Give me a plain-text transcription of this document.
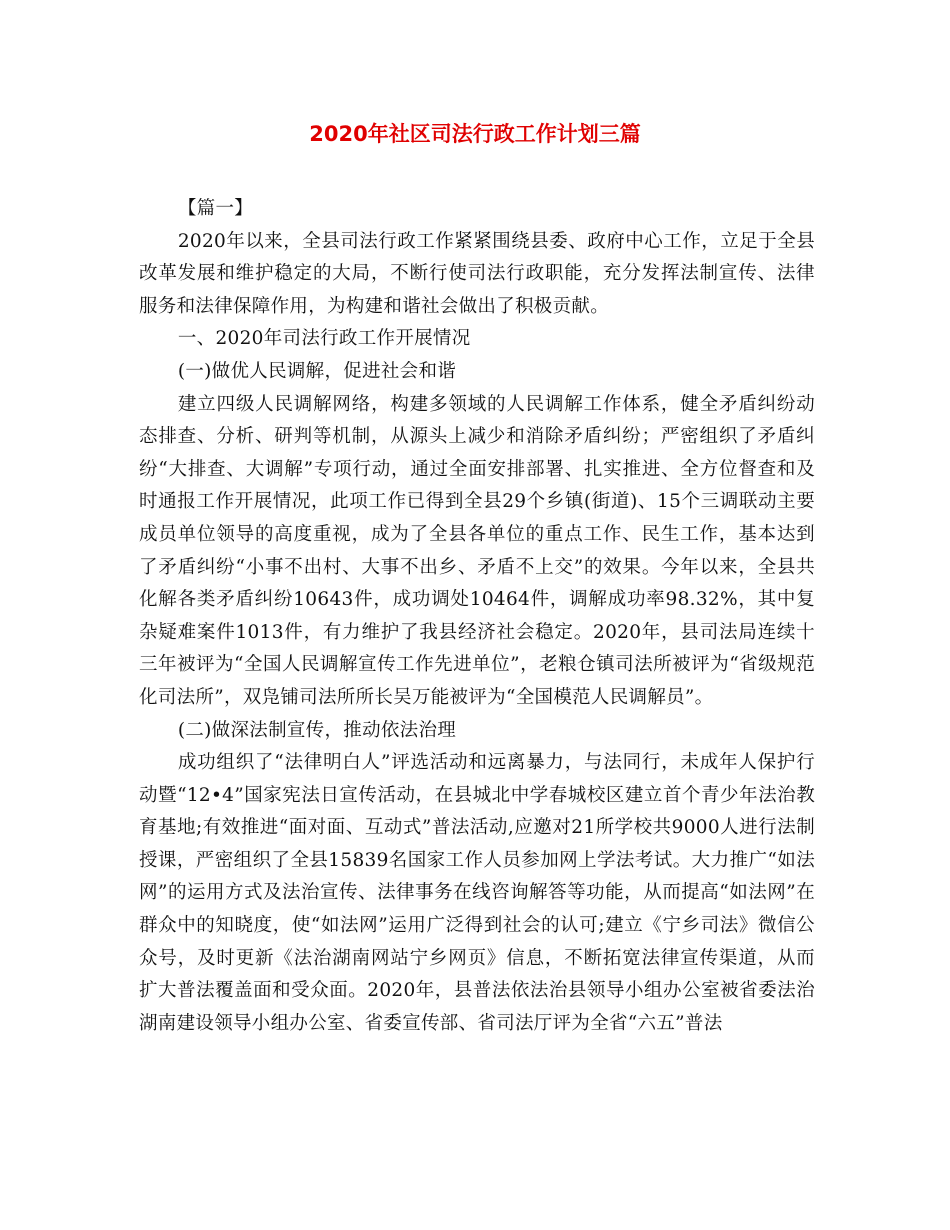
2020年社区司法行政工作计划三篇

【篇一】

2020年以来，全县司法行政工作紧紧围绕县委、政府中心工作，立足于全县改革发展和维护稳定的大局，不断行使司法行政职能，充分发挥法制宣传、法律服务和法律保障作用，为构建和谐社会做出了积极贡献。

一、2020年司法行政工作开展情况

(一)做优人民调解，促进社会和谐

建立四级人民调解网络，构建多领域的人民调解工作体系，健全矛盾纠纷动态排查、分析、研判等机制，从源头上减少和消除矛盾纠纷；严密组织了矛盾纠纷“大排查、大调解”专项行动，通过全面安排部署、扎实推进、全方位督查和及时通报工作开展情况，此项工作已得到全县29个乡镇(街道)、15个三调联动主要成员单位领导的高度重视，成为了全县各单位的重点工作、民生工作，基本达到了矛盾纠纷“小事不出村、大事不出乡、矛盾不上交”的效果。今年以来，全县共化解各类矛盾纠纷10643件，成功调处10464件，调解成功率98.32%，其中复杂疑难案件1013件，有力维护了我县经济社会稳定。2020年，县司法局连续十三年被评为“全国人民调解宣传工作先进单位”，老粮仓镇司法所被评为“省级规范化司法所”，双凫铺司法所所长吴万能被评为“全国模范人民调解员”。

(二)做深法制宣传，推动依法治理

成功组织了“法律明白人”评选活动和远离暴力，与法同行，未成年人保护行动暨“12•4”国家宪法日宣传活动，在县城北中学春城校区建立首个青少年法治教育基地;有效推进“面对面、互动式”普法活动,应邀对21所学校共9000人进行法制授课，严密组织了全县15839名国家工作人员参加网上学法考试。大力推广“如法网”的运用方式及法治宣传、法律事务在线咨询解答等功能，从而提高“如法网”在群众中的知晓度，使“如法网”运用广泛得到社会的认可;建立《宁乡司法》微信公众号，及时更新《法治湖南网站宁乡网页》信息，不断拓宽法律宣传渠道，从而扩大普法覆盖面和受众面。2020年，县普法依法治县领导小组办公室被省委法治湖南建设领导小组办公室、省委宣传部、省司法厅评为全省“六五”普法
